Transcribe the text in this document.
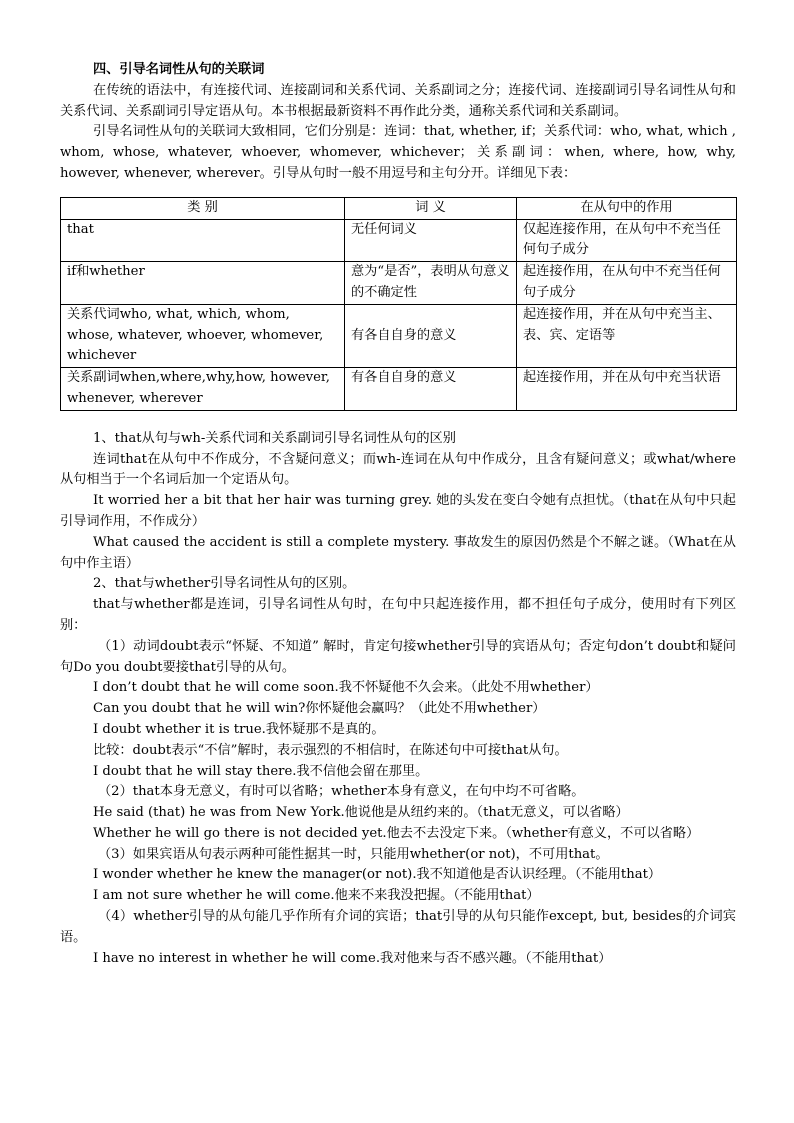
四、引导名词性从句的关联词

在传统的语法中，有连接代词、连接副词和关系代词、关系副词之分；连接代词、连接副词引导名词性从句和关系代词、关系副词引导定语从句。本书根据最新资料不再作此分类，通称关系代词和关系副词。

引导名词性从句的关联词大致相同，它们分别是：连词：that, whether, if；关系代词：who, what, which , whom, whose, whatever, whoever, whomever, whichever；关系副词：when, where, how, why, however, whenever, wherever。引导从句时一般不用逗号和主句分开。详细见下表：

类 别	词 义	在从句中的作用
that	无任何词义	仅起连接作用，在从句中不充当任何句子成分
if和whether	意为“是否”，表明从句意义的不确定性	起连接作用，在从句中不充当任何句子成分
关系代词who, what, which, whom, whose, whatever, whoever, whomever, whichever	有各自自身的意义	起连接作用，并在从句中充当主、表、宾、定语等
关系副词when,where,why,how, however, whenever, wherever	有各自自身的意义	起连接作用，并在从句中充当状语

1、that从句与wh-关系代词和关系副词引导名词性从句的区别

连词that在从句中不作成分，不含疑问意义；而wh-连词在从句中作成分，且含有疑问意义；或what/where从句相当于一个名词后加一个定语从句。

It worried her a bit that her hair was turning grey. 她的头发在变白令她有点担忧。（that在从句中只起引导词作用，不作成分）

What caused the accident is still a complete mystery. 事故发生的原因仍然是个不解之谜。（What在从句中作主语）

2、that与whether引导名词性从句的区别。

that与whether都是连词，引导名词性从句时，在句中只起连接作用，都不担任句子成分，使用时有下列区别：

（1）动词doubt表示“怀疑、不知道” 解时，肯定句接whether引导的宾语从句；否定句don’t doubt和疑问句Do you doubt要接that引导的从句。

I don’t doubt that he will come soon.我不怀疑他不久会来。（此处不用whether）

Can you doubt that he will win?你怀疑他会赢吗？（此处不用whether）

I doubt whether it is true.我怀疑那不是真的。

比较：doubt表示“不信”解时，表示强烈的不相信时，在陈述句中可接that从句。

I doubt that he will stay there.我不信他会留在那里。

（2）that本身无意义，有时可以省略；whether本身有意义，在句中均不可省略。

He said (that) he was from New York.他说他是从纽约来的。（that无意义，可以省略）

Whether he will go there is not decided yet.他去不去没定下来。（whether有意义，不可以省略）

（3）如果宾语从句表示两种可能性据其一时，只能用whether(or not)，不可用that。

I wonder whether he knew the manager(or not).我不知道他是否认识经理。（不能用that）

I am not sure whether he will come.他来不来我没把握。（不能用that）

（4）whether引导的从句能几乎作所有介词的宾语；that引导的从句只能作except, but, besides的介词宾语。

I have no interest in whether he will come.我对他来与否不感兴趣。（不能用that）
